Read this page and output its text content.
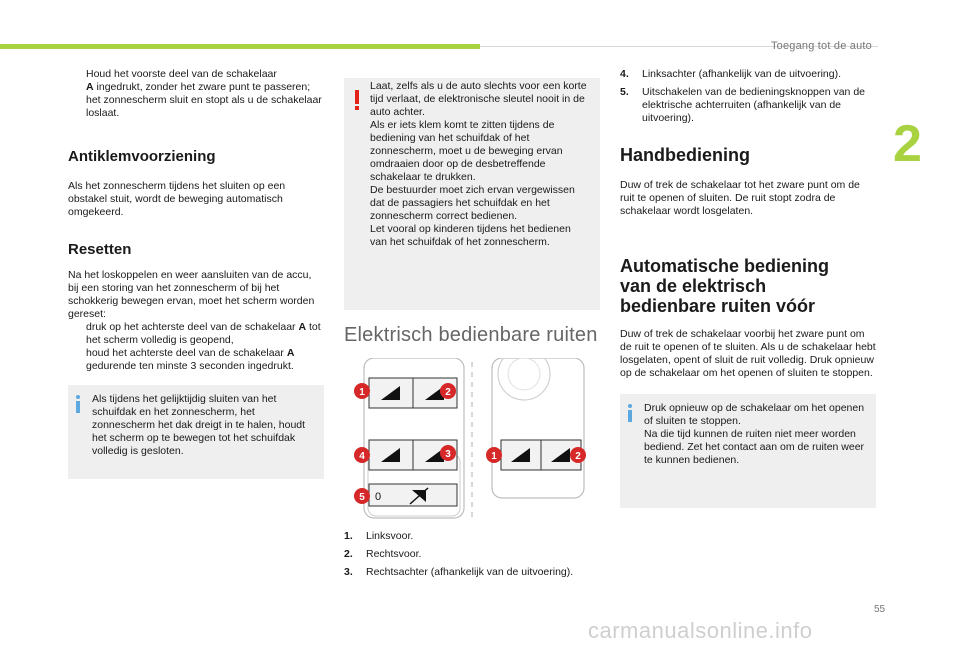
Toegang tot de auto
2
55
carmanualsonline.info

Houd het voorste deel van de schakelaar
A ingedrukt, zonder het zware punt te passeren; het zonnescherm sluit en stopt als u de schakelaar loslaat.

Antiklemvoorziening

Als het zonnescherm tijdens het sluiten op een obstakel stuit, wordt de beweging automatisch omgekeerd.

Resetten

Na het loskoppelen en weer aansluiten van de accu, bij een storing van het zonnescherm of bij het schokkerig bewegen ervan, moet het scherm worden gereset:

druk op het achterste deel van de schakelaar A tot het scherm volledig is geopend,

houd het achterste deel van de schakelaar A gedurende ten minste 3 seconden ingedrukt.

Als tijdens het gelijktijdig sluiten van het schuifdak en het zonnescherm, het zonnescherm het dak dreigt in te halen, houdt het scherm op te bewegen tot het schuifdak volledig is gesloten.

Laat, zelfs als u de auto slechts voor een korte tijd verlaat, de elektronische sleutel nooit in de auto achter.

Als er iets klem komt te zitten tijdens de bediening van het schuifdak of het zonnescherm, moet u de beweging ervan omdraaien door op de desbetreffende schakelaar te drukken.

De bestuurder moet zich ervan vergewissen dat de passagiers het schuifdak en het zonnescherm correct bedienen.

Let vooral op kinderen tijdens het bedienen van het schuifdak of het zonnescherm.

Elektrisch bedienbare ruiten
0
1	2
4	3
5
1	2

1. Linksvoor.

2. Rechtsvoor.

3. Rechtsachter (afhankelijk van de uitvoering).

4. Linksachter (afhankelijk van de uitvoering).

5. Uitschakelen van de bedieningsknoppen van de elektrische achterruiten (afhankelijk van de uitvoering).

Handbediening

Duw of trek de schakelaar tot het zware punt om de ruit te openen of sluiten. De ruit stopt zodra de schakelaar wordt losgelaten.

Automatische bediening
van de elektrisch
bedienbare ruiten vóór

Duw of trek de schakelaar voorbij het zware punt om de ruit te openen of te sluiten. Als u de schakelaar hebt losgelaten, opent of sluit de ruit volledig. Druk opnieuw op de schakelaar om het openen of sluiten te stoppen.

Druk opnieuw op de schakelaar om het openen of sluiten te stoppen.

Na die tijd kunnen de ruiten niet meer worden bediend. Zet het contact aan om de ruiten weer te kunnen bedienen.
